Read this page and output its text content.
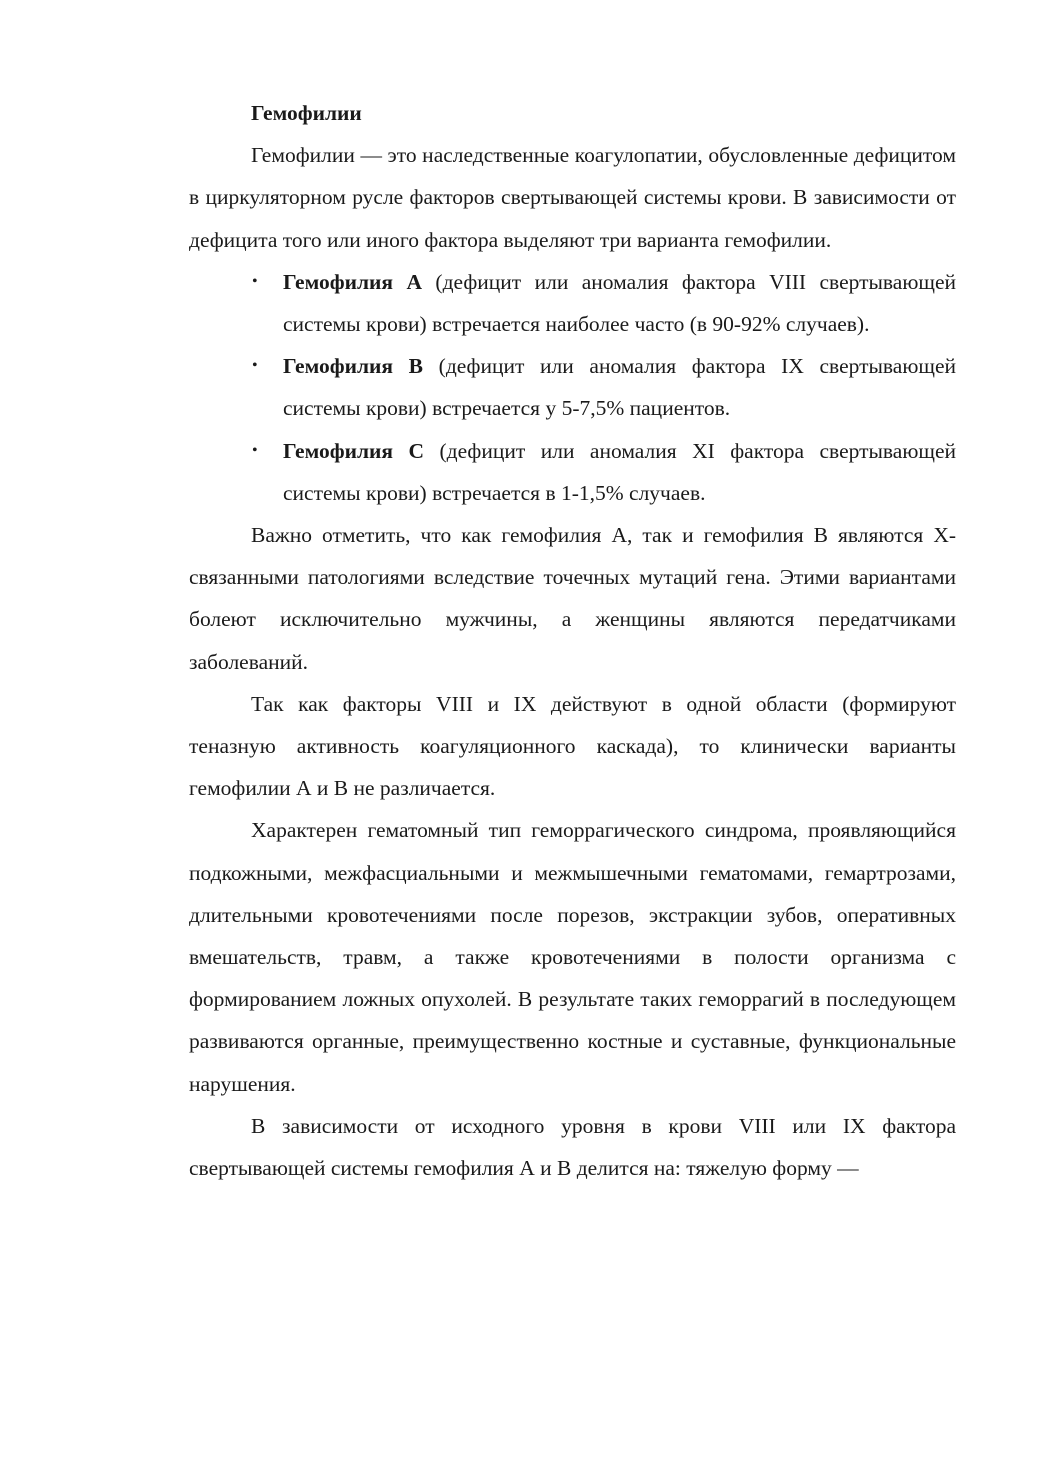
Гемофилии

Гемофилии — это наследственные коагулопатии, обусловленные дефицитом в циркуляторном русле факторов свертывающей системы крови. В зависимости от дефицита того или иного фактора выделяют три варианта гемофилии.

• Гемофилия А (дефицит или аномалия фактора VIII свертывающей системы крови) встречается наиболее часто (в 90-92% случаев).
• Гемофилия В (дефицит или аномалия фактора IX свертывающей системы крови) встречается у 5-7,5% пациентов.
• Гемофилия С (дефицит или аномалия XI фактора свертывающей системы крови) встречается в 1-1,5% случаев.

Важно отметить, что как гемофилия А, так и гемофилия В являются Х-связанными патологиями вследствие точечных мутаций гена. Этими вариантами болеют исключительно мужчины, а женщины являются передатчиками заболеваний.

Так как факторы VIII и IX действуют в одной области (формируют теназную активность коагуляционного каскада), то клинически варианты гемофилии А и В не различается.

Характерен гематомный тип геморрагического синдрома, проявляющийся подкожными, межфасциальными и межмышечными гематомами, гемартрозами, длительными кровотечениями после порезов, экстракции зубов, оперативных вмешательств, травм, а также кровотечениями в полости организма с формированием ложных опухолей. В результате таких геморрагий в последующем развиваются органные, преимущественно костные и суставные, функциональные нарушения.

В зависимости от исходного уровня в крови VIII или IX фактора свертывающей системы гемофилия А и В делится на: тяжелую форму —
